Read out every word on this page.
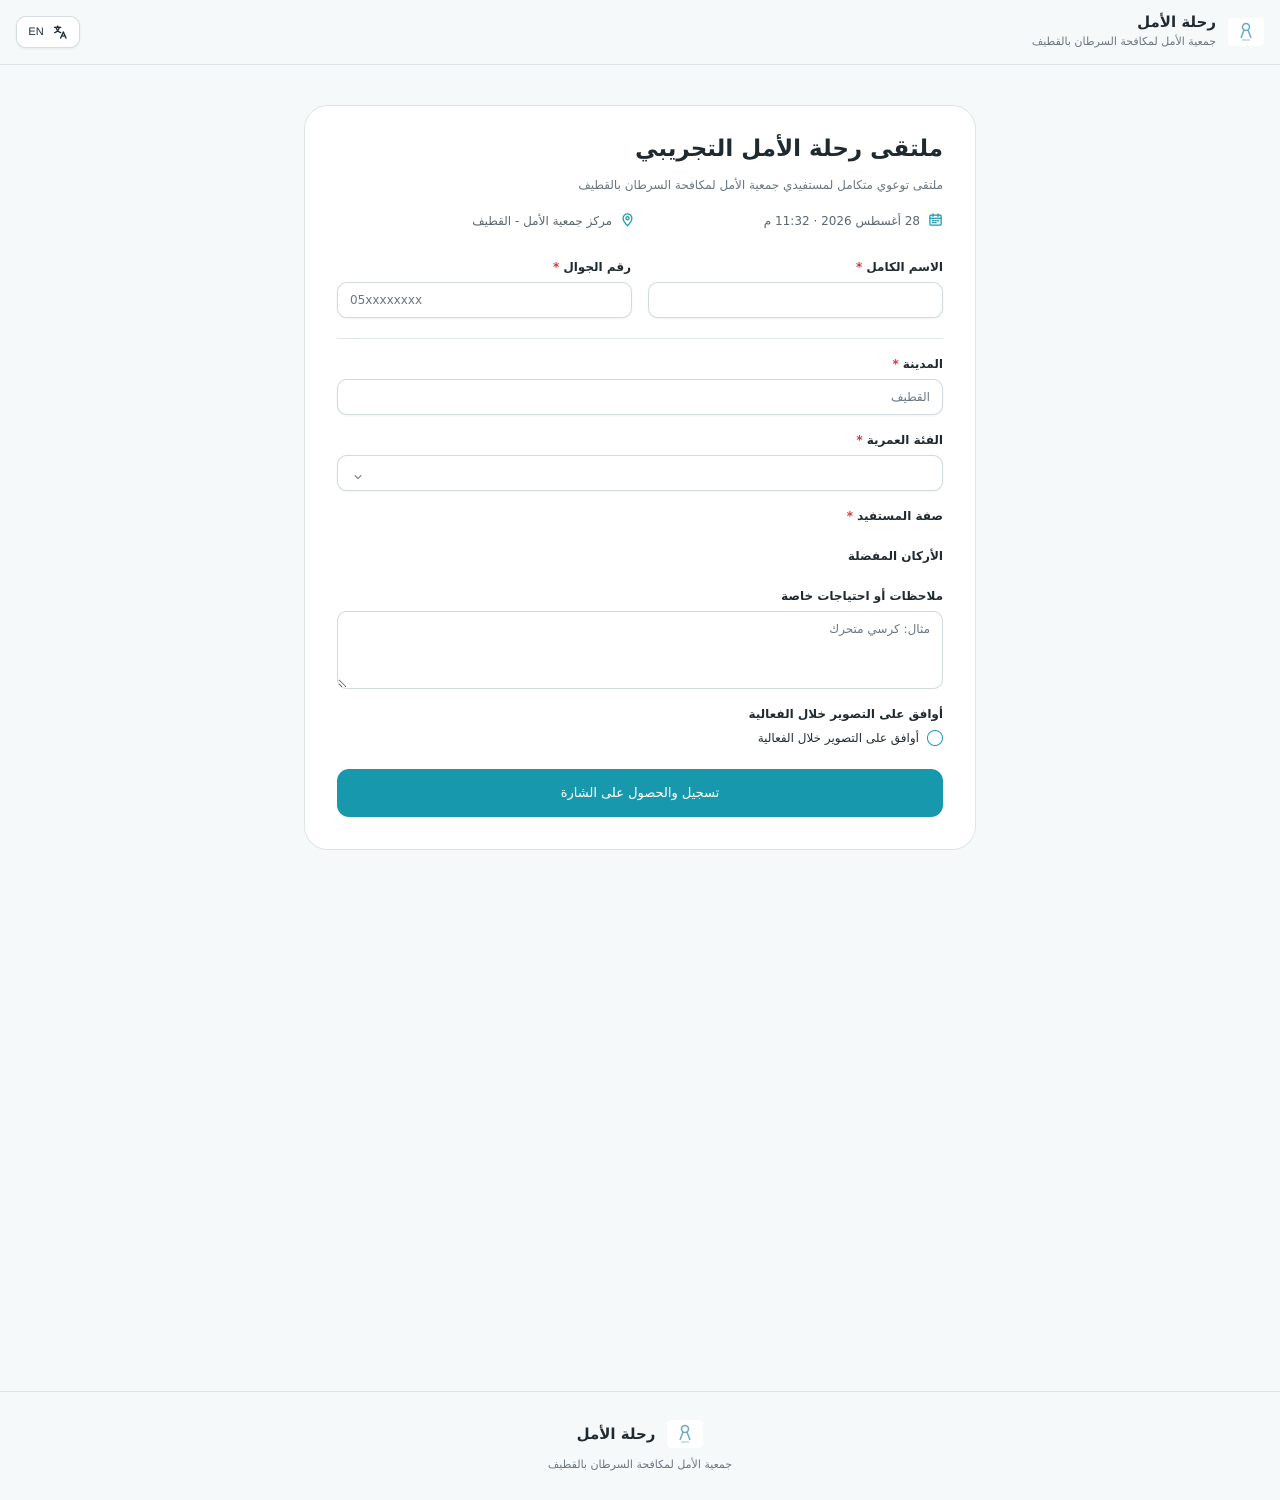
EN
رحلة الأمل
جمعية الأمل لمكافحة السرطان بالقطيف
ملتقى رحلة الأمل التجريبي
ملتقى توعوي متكامل لمستفيدي جمعية الأمل لمكافحة السرطان بالقطيف
28 أغسطس 2026 · 11:32 م
مركز جمعية الأمل - القطيف
الاسم الكامل*
رقم الجوال*
05xxxxxxxx
المدينة*
القطيف
الفئة العمرية*
صفة المستفيد*
الأركان المفضلة
ملاحظات أو احتياجات خاصة
مثال: كرسي متحرك
أوافق على التصوير خلال الفعالية
أوافق على التصوير خلال الفعالية
تسجيل والحصول على الشارة
رحلة الأمل
جمعية الأمل لمكافحة السرطان بالقطيف
